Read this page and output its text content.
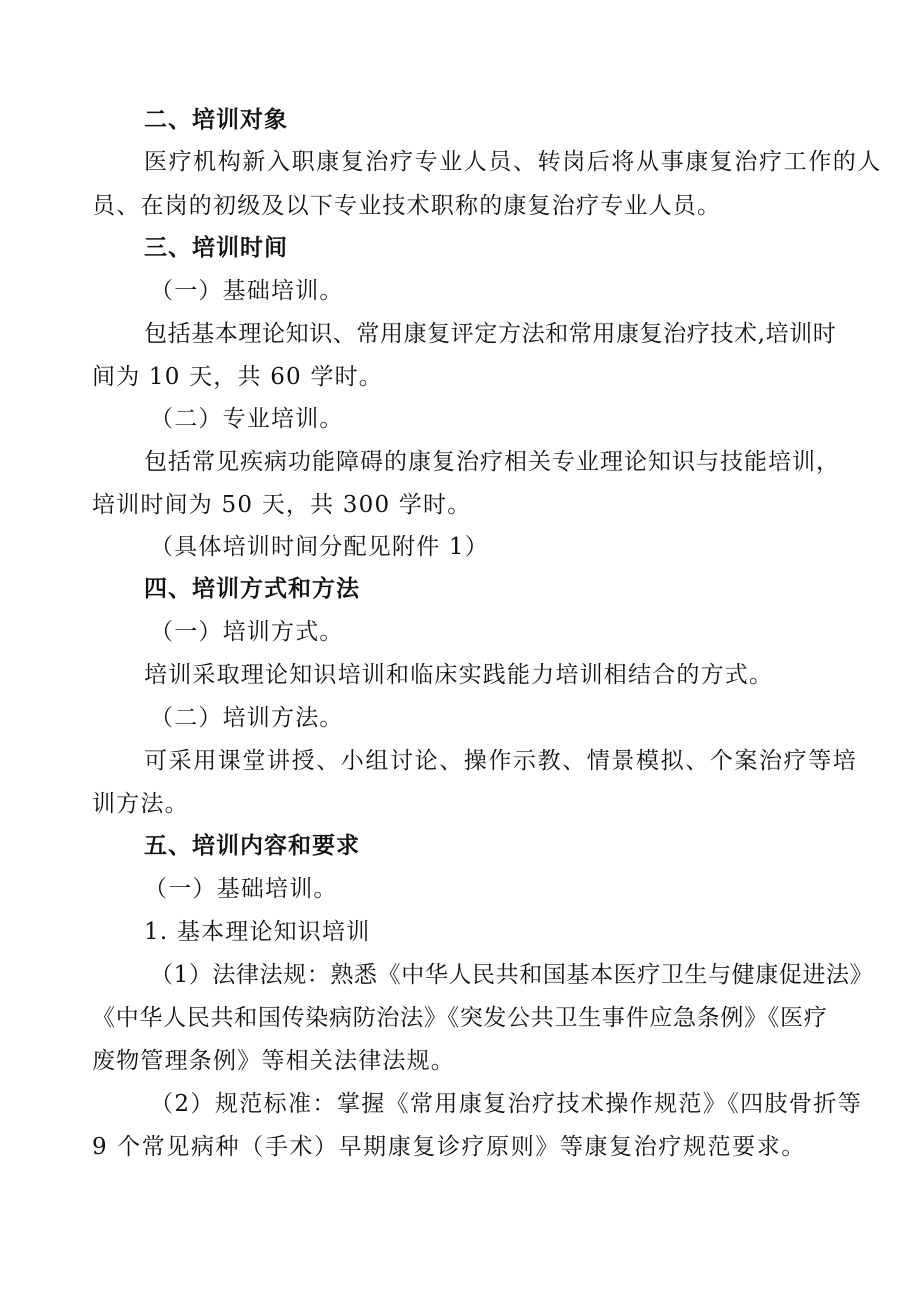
二、培训对象
医疗机构新入职康复治疗专业人员、转岗后将从事康复治疗工作的人
员、在岗的初级及以下专业技术职称的康复治疗专业人员。
三、培训时间
（一）基础培训。
包括基本理论知识、常用康复评定方法和常用康复治疗技术,培训时
间为 10 天，共 60 学时。
（二）专业培训。
包括常见疾病功能障碍的康复治疗相关专业理论知识与技能培训，
培训时间为 50 天，共 300 学时。
（具体培训时间分配见附件 1）
四、培训方式和方法
（一）培训方式。
培训采取理论知识培训和临床实践能力培训相结合的方式。
（二）培训方法。
可采用课堂讲授、小组讨论、操作示教、情景模拟、个案治疗等培
训方法。
五、培训内容和要求
（一）基础培训。
1. 基本理论知识培训
（1）法律法规：熟悉《中华人民共和国基本医疗卫生与健康促进法》
《中华人民共和国传染病防治法》《突发公共卫生事件应急条例》《医疗
废物管理条例》等相关法律法规。
（2）规范标准：掌握《常用康复治疗技术操作规范》《四肢骨折等
9 个常见病种（手术）早期康复诊疗原则》等康复治疗规范要求。
